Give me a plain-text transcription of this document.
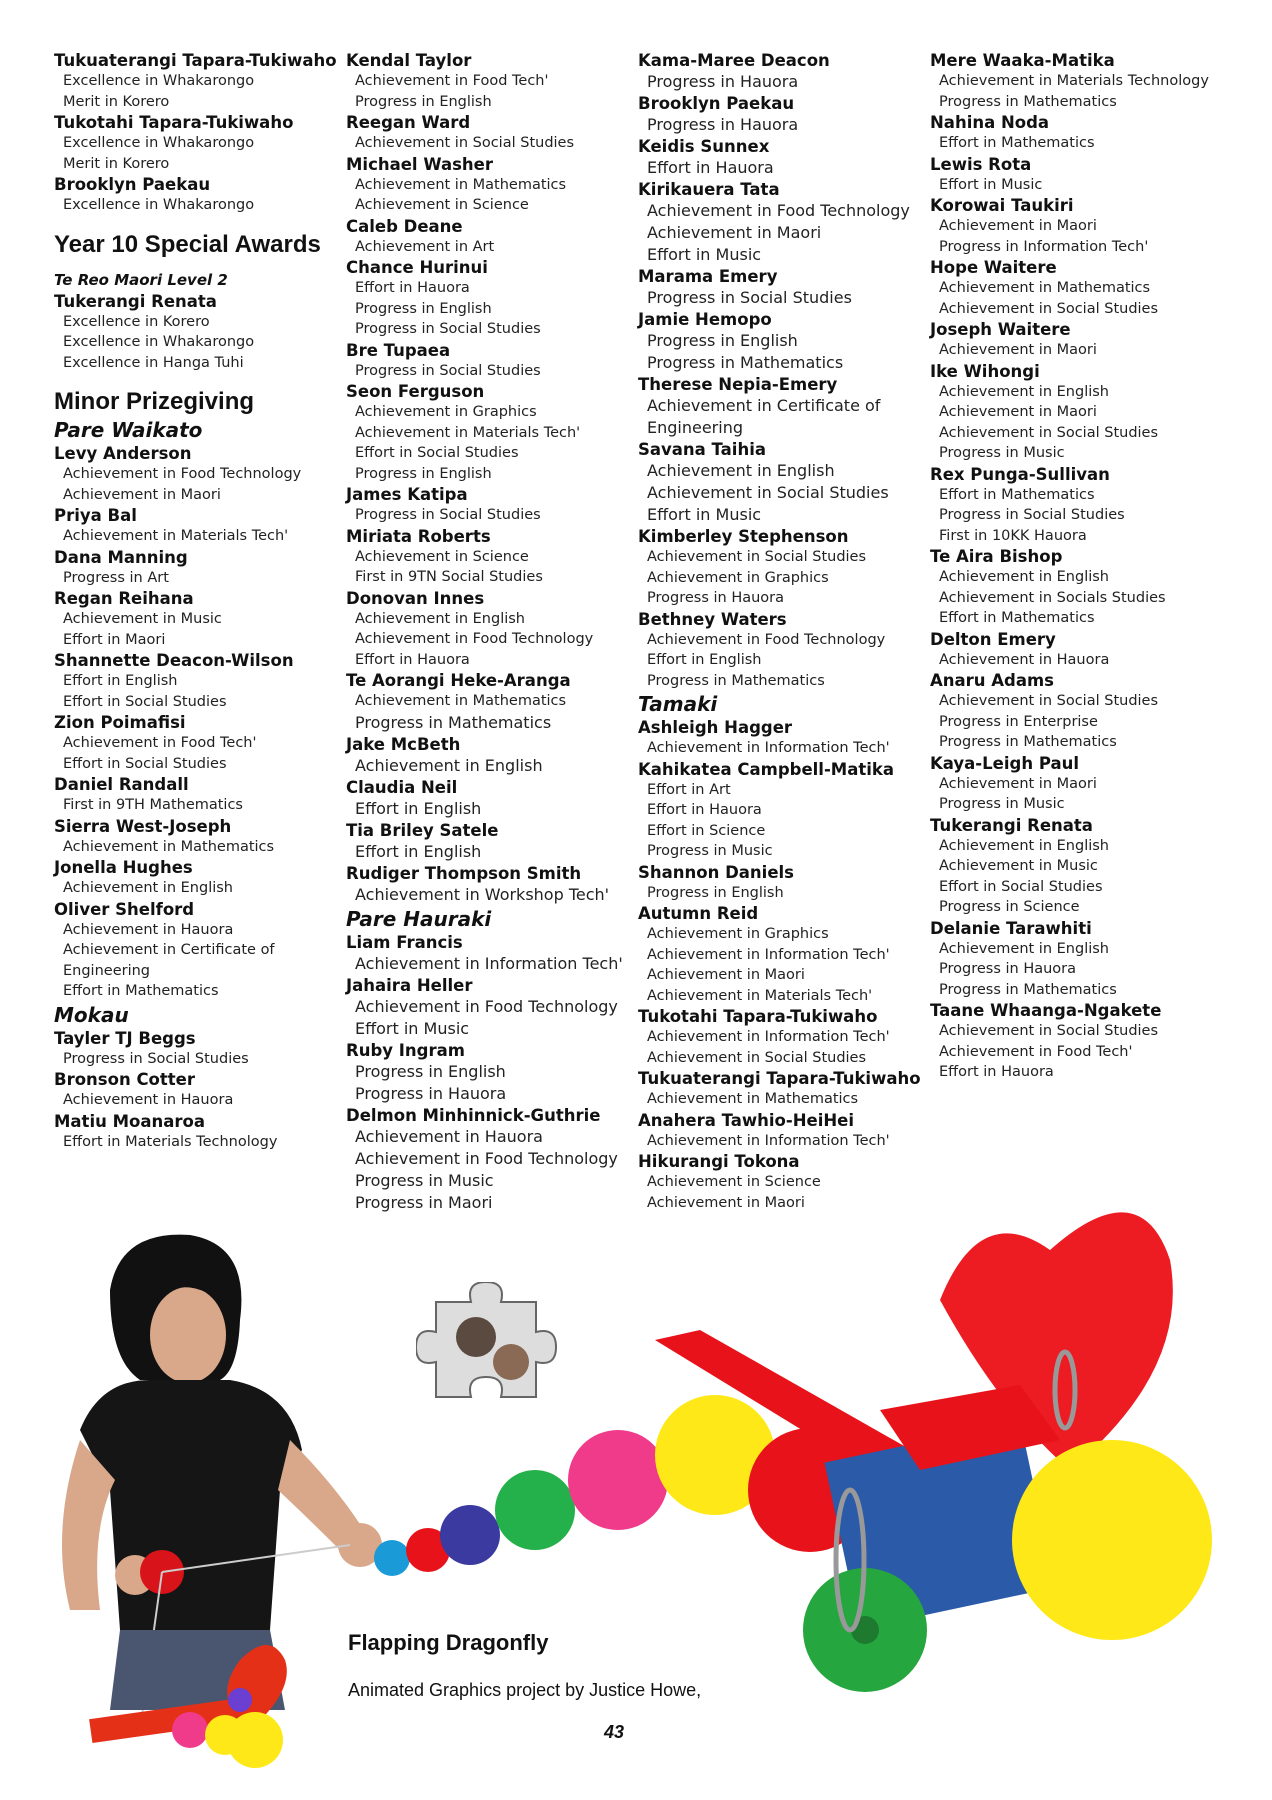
Tukuaterangi Tapara-Tukiwaho
Excellence in Whakarongo
Merit in Korero
Tukotahi Tapara-Tukiwaho
Excellence in Whakarongo
Merit in Korero
Brooklyn Paekau
Excellence in Whakarongo
Year 10 Special Awards
Te Reo Maori Level 2
Tukerangi Renata
Excellence in Korero
Excellence in Whakarongo
Excellence in Hanga Tuhi
Minor Prizegiving
Pare Waikato
Levy Anderson
Achievement in Food Technology
Achievement in Maori
Priya Bal
Achievement in Materials Tech'
Dana Manning
Progress in Art
Regan Reihana
Achievement in Music
Effort in Maori
Shannette Deacon-Wilson
Effort in English
Effort in Social Studies
Zion Poimafisi
Achievement in Food Tech'
Effort in Social Studies
Daniel Randall
First in 9TH Mathematics
Sierra West-Joseph
Achievement in Mathematics
Jonella Hughes
Achievement in English
Oliver Shelford
Achievement in Hauora
Achievement in Certificate of
Engineering
Effort in Mathematics
Mokau
Tayler TJ Beggs
Progress in Social Studies
Bronson Cotter
Achievement in Hauora
Matiu Moanaroa
Effort in Materials Technology
Kendal Taylor
Achievement in Food Tech'
Progress in English
Reegan Ward
Achievement in Social Studies
Michael Washer
Achievement in Mathematics
Achievement in Science
Caleb Deane
Achievement in Art
Chance Hurinui
Effort in Hauora
Progress in English
Progress in Social Studies
Bre Tupaea
Progress in Social Studies
Seon Ferguson
Achievement in Graphics
Achievement in Materials Tech'
Effort in Social Studies
Progress in English
James Katipa
Progress in Social Studies
Miriata Roberts
Achievement in Science
First in 9TN Social Studies
Donovan Innes
Achievement in English
Achievement in Food Technology
Effort in Hauora
Te Aorangi Heke-Aranga
Achievement in Mathematics
Progress in Mathematics
Jake McBeth
Achievement in English
Claudia Neil
Effort in English
Tia Briley Satele
Effort in English
Rudiger Thompson Smith
Achievement in Workshop Tech'
Pare Hauraki
Liam Francis
Achievement in Information Tech'
Jahaira Heller
Achievement in Food Technology
Effort in Music
Ruby Ingram
Progress in English
Progress in Hauora
Delmon Minhinnick-Guthrie
Achievement in Hauora
Achievement in Food Technology
Progress in Music
Progress in Maori
Kama-Maree Deacon
Progress in Hauora
Brooklyn Paekau
Progress in Hauora
Keidis Sunnex
Effort in Hauora
Kirikauera Tata
Achievement in Food Technology
Achievement in Maori
Effort in Music
Marama Emery
Progress in Social Studies
Jamie Hemopo
Progress in English
Progress in Mathematics
Therese Nepia-Emery
Achievement in Certificate of
Engineering
Savana Taihia
Achievement in English
Achievement in Social Studies
Effort in Music
Kimberley Stephenson
Achievement in Social Studies
Achievement in Graphics
Progress in Hauora
Bethney Waters
Achievement in Food Technology
Effort in English
Progress in Mathematics
Tamaki
Ashleigh Hagger
Achievement in Information Tech'
Kahikatea Campbell-Matika
Effort in Art
Effort in Hauora
Effort in Science
Progress in Music
Shannon Daniels
Progress in English
Autumn Reid
Achievement in Graphics
Achievement in Information Tech'
Achievement in Maori
Achievement in Materials Tech'
Tukotahi Tapara-Tukiwaho
Achievement in Information Tech'
Achievement in Social Studies
Tukuaterangi Tapara-Tukiwaho
Achievement in Mathematics
Anahera Tawhio-HeiHei
Achievement in Information Tech'
Hikurangi Tokona
Achievement in Science
Achievement in Maori
Mere Waaka-Matika
Achievement in Materials Technology
Progress in Mathematics
Nahina Noda
Effort in Mathematics
Lewis Rota
Effort in Music
Korowai Taukiri
Achievement in Maori
Progress in Information Tech'
Hope Waitere
Achievement in Mathematics
Achievement in Social Studies
Joseph Waitere
Achievement in Maori
Ike Wihongi
Achievement in English
Achievement in Maori
Achievement in Social Studies
Progress in Music
Rex Punga-Sullivan
Effort in Mathematics
Progress in Social Studies
First in 10KK Hauora
Te Aira Bishop
Achievement in English
Achievement in Socials Studies
Effort in Mathematics
Delton Emery
Achievement in Hauora
Anaru Adams
Achievement in Social Studies
Progress in Enterprise
Progress in Mathematics
Kaya-Leigh Paul
Achievement in Maori
Progress in Music
Tukerangi Renata
Achievement in English
Achievement in Music
Effort in Social Studies
Progress in Science
Delanie Tarawhiti
Achievement in English
Progress in Hauora
Progress in Mathematics
Taane Whaanga-Ngakete
Achievement in Social Studies
Achievement in Food Tech'
Effort in Hauora
Flapping Dragonfly
Animated Graphics project by Justice Howe,
43
